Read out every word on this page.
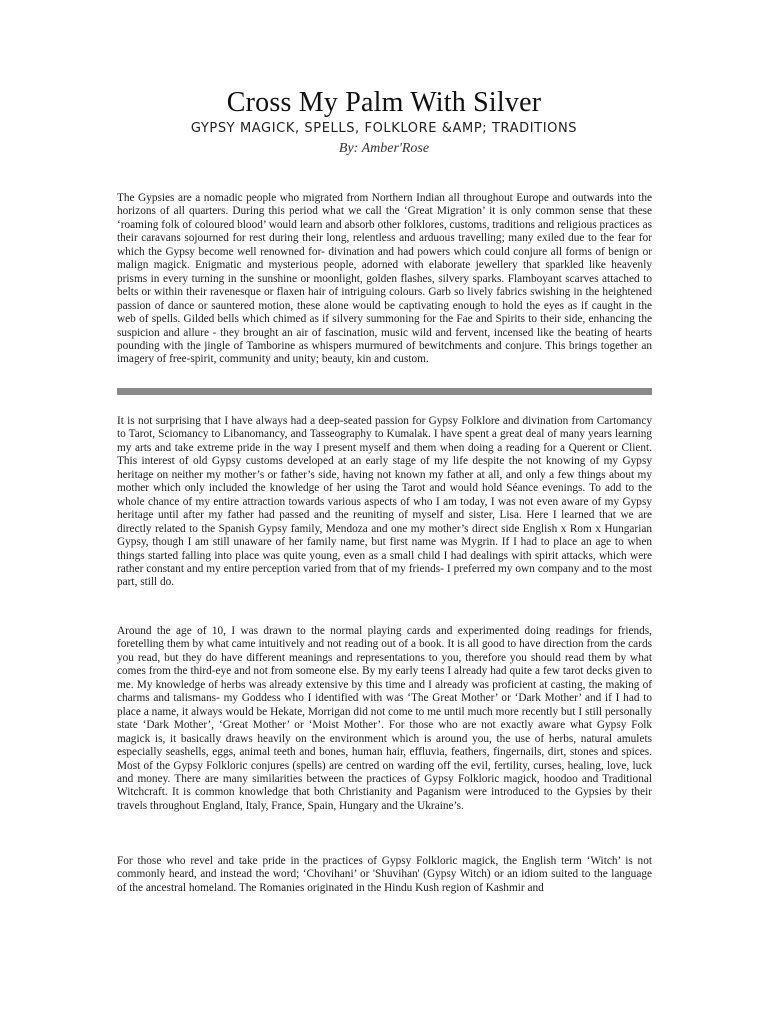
Cross My Palm With Silver
GYPSY MAGICK, SPELLS, FOLKLORE &AMP; TRADITIONS
By: Amber'Rose

The Gypsies are a nomadic people who migrated from Northern Indian all throughout Europe and outwards into the horizons of all quarters. During this period what we call the ‘Great Migration’ it is only common sense that these ‘roaming folk of coloured blood’ would learn and absorb other folklores, customs, traditions and religious practices as their caravans sojourned for rest during their long, relentless and arduous travelling; many exiled due to the fear for which the Gypsy become well renowned for- divination and had powers which could conjure all forms of benign or malign magick. Enigmatic and mysterious people, adorned with elaborate jewellery that sparkled like heavenly prisms in every turning in the sunshine or moonlight, golden flashes, silvery sparks. Flamboyant scarves attached to belts or within their ravenesque or flaxen hair of intriguing colours. Garb so lively fabrics swishing in the heightened passion of dance or sauntered motion, these alone would be captivating enough to hold the eyes as if caught in the web of spells. Gilded bells which chimed as if silvery summoning for the Fae and Spirits to their side, enhancing the suspicion and allure - they brought an air of fascination, music wild and fervent, incensed like the beating of hearts pounding with the jingle of Tamborine as whispers murmured of bewitchments and conjure. This brings together an imagery of free-spirit, community and unity; beauty, kin and custom.

It is not surprising that I have always had a deep-seated passion for Gypsy Folklore and divination from Cartomancy to Tarot, Sciomancy to Libanomancy, and Tasseography to Kumalak. I have spent a great deal of many years learning my arts and take extreme pride in the way I present myself and them when doing a reading for a Querent or Client. This interest of old Gypsy customs developed at an early stage of my life despite the not knowing of my Gypsy heritage on neither my mother’s or father’s side, having not known my father at all, and only a few things about my mother which only included the knowledge of her using the Tarot and would hold Séance evenings. To add to the whole chance of my entire attraction towards various aspects of who I am today, I was not even aware of my Gypsy heritage until after my father had passed and the reuniting of myself and sister, Lisa. Here I learned that we are directly related to the Spanish Gypsy family, Mendoza and one my mother’s direct side English x Rom x Hungarian Gypsy, though I am still unaware of her family name, but first name was Mygrin. If I had to place an age to when things started falling into place was quite young, even as a small child I had dealings with spirit attacks, which were rather constant and my entire perception varied from that of my friends- I preferred my own company and to the most part, still do.

Around the age of 10, I was drawn to the normal playing cards and experimented doing readings for friends, foretelling them by what came intuitively and not reading out of a book. It is all good to have direction from the cards you read, but they do have different meanings and representations to you, therefore you should read them by what comes from the third-eye and not from someone else. By my early teens I already had quite a few tarot decks given to me. My knowledge of herbs was already extensive by this time and I already was proficient at casting, the making of charms and talismans- my Goddess who I identified with was ‘The Great Mother’ or ‘Dark Mother’ and if I had to place a name, it always would be Hekate, Morrigan did not come to me until much more recently but I still personally state ‘Dark Mother’, ‘Great Mother’ or ‘Moist Mother’. For those who are not exactly aware what Gypsy Folk magick is, it basically draws heavily on the environment which is around you, the use of herbs, natural amulets especially seashells, eggs, animal teeth and bones, human hair, effluvia, feathers, fingernails, dirt, stones and spices. Most of the Gypsy Folkloric conjures (spells) are centred on warding off the evil, fertility, curses, healing, love, luck and money. There are many similarities between the practices of Gypsy Folkloric magick, hoodoo and Traditional Witchcraft. It is common knowledge that both Christianity and Paganism were introduced to the Gypsies by their travels throughout England, Italy, France, Spain, Hungary and the Ukraine’s.

For those who revel and take pride in the practices of Gypsy Folkloric magick, the English term ‘Witch’ is not commonly heard, and instead the word; ‘Chovihani’ or 'Shuvihan' (Gypsy Witch) or an idiom suited to the language of the ancestral homeland. The Romanies originated in the Hindu Kush region of Kashmir and
